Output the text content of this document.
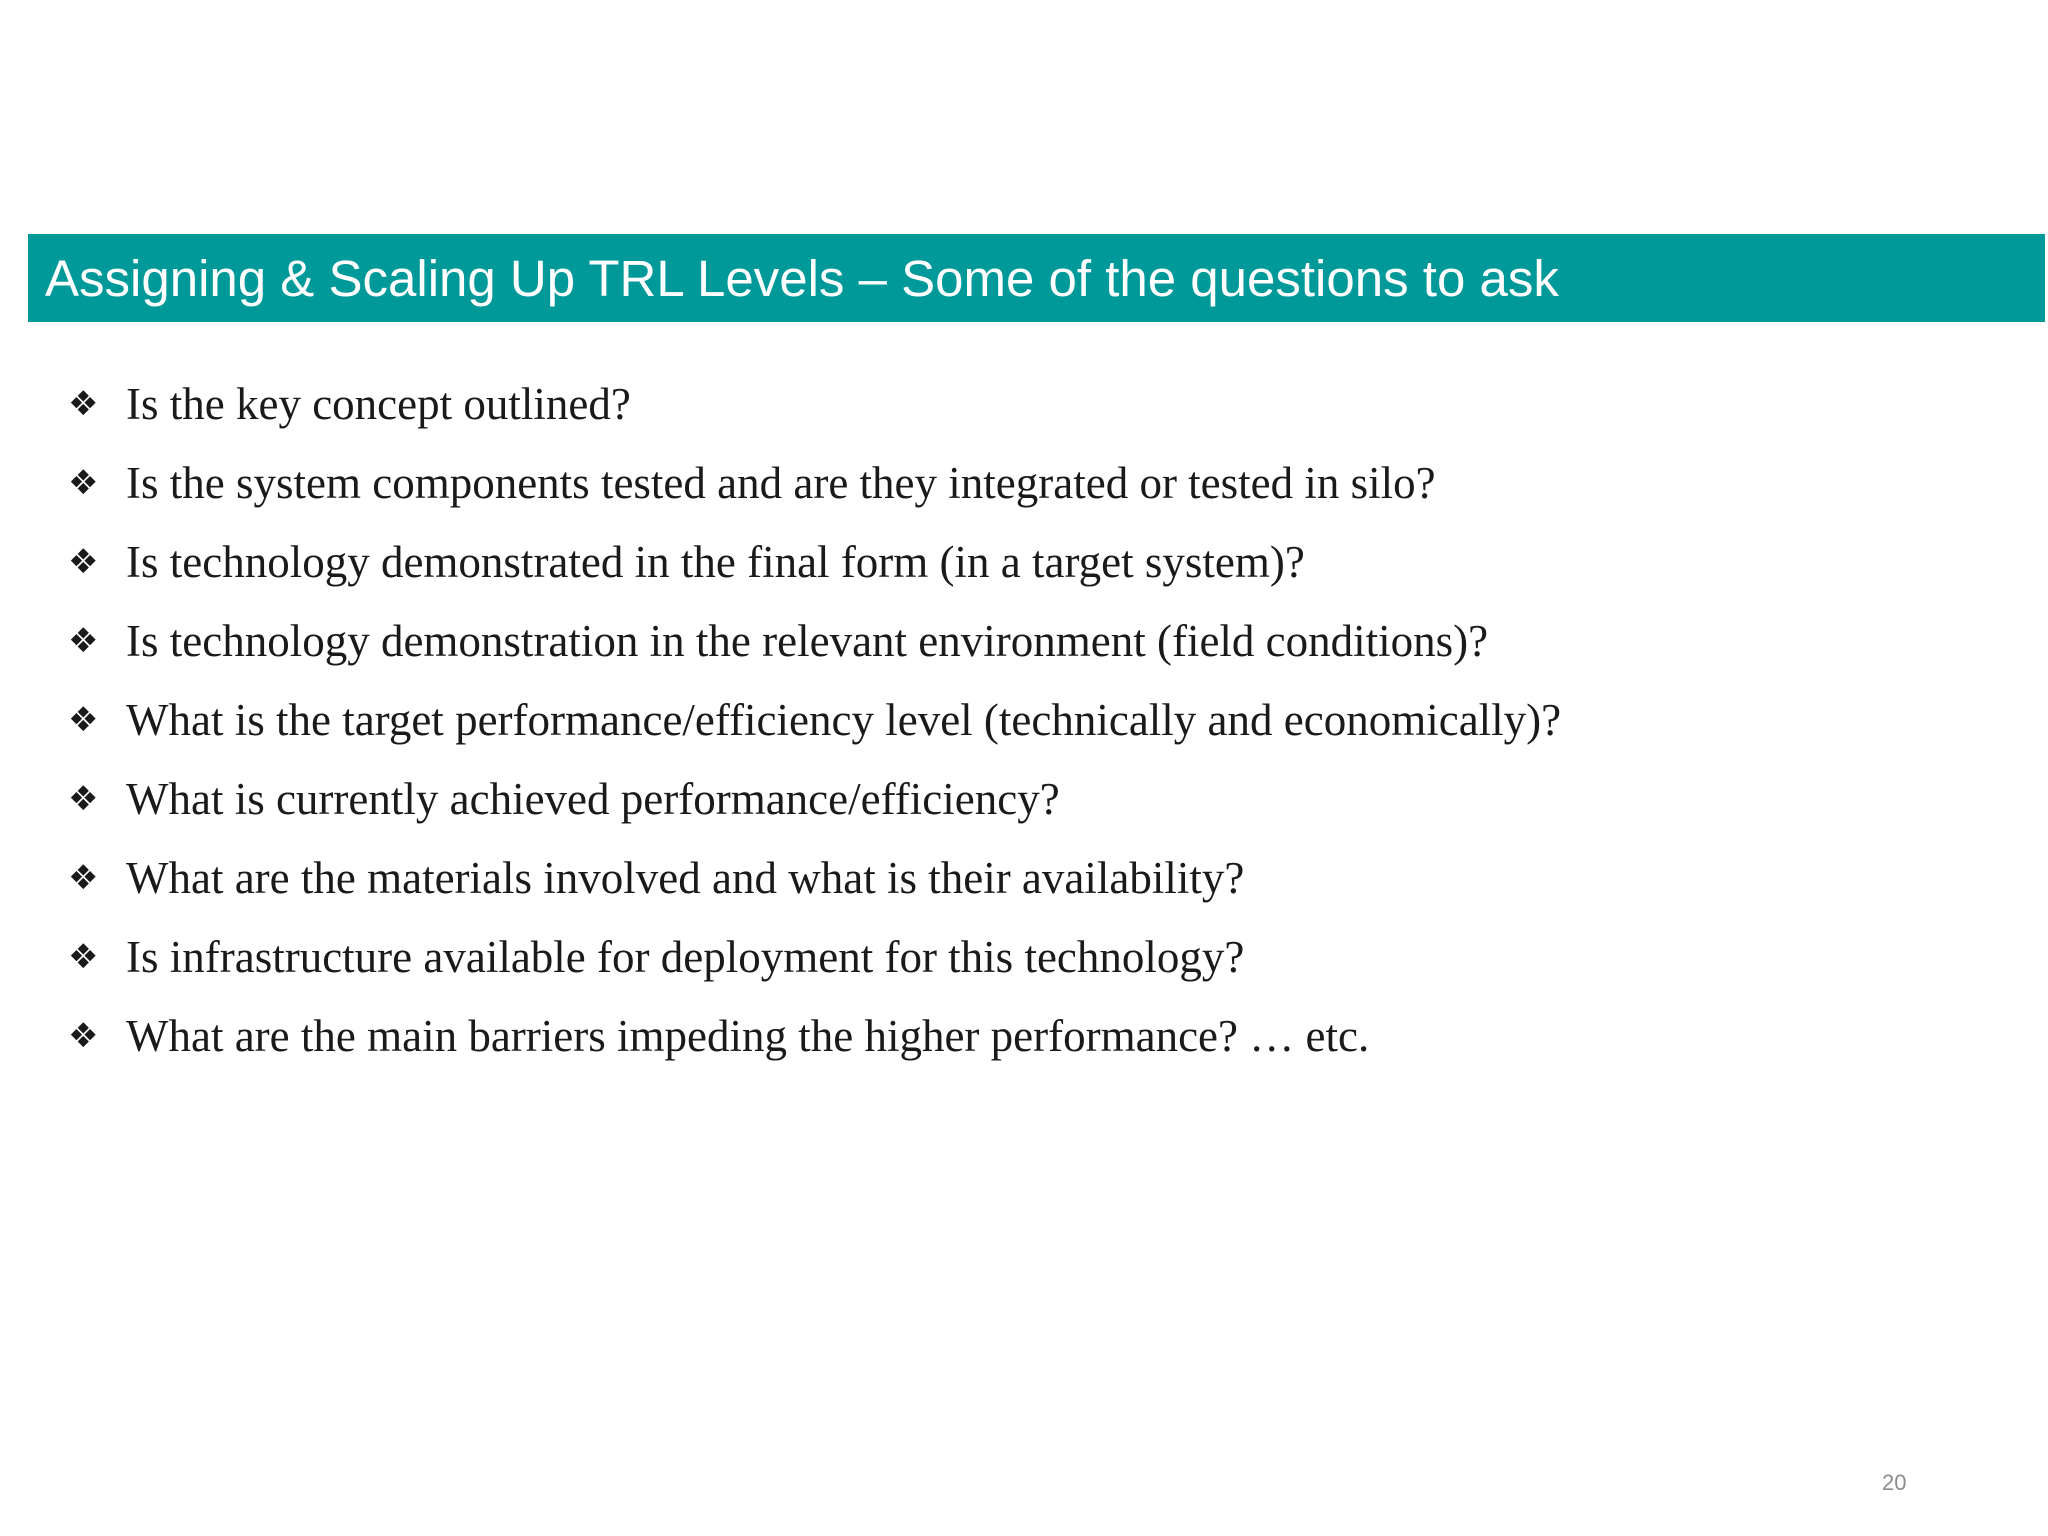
Assigning & Scaling Up TRL Levels – Some of the questions to ask
❖ Is the key concept outlined?
❖ Is the system components tested and are they integrated or tested in silo?
❖ Is technology demonstrated in the final form (in a target system)?
❖ Is technology demonstration in the relevant environment (field conditions)?
❖ What is the target performance/efficiency level (technically and economically)?
❖ What is currently achieved performance/efficiency?
❖ What are the materials involved and what is their availability?
❖ Is infrastructure available for deployment for this technology?
❖ What are the main barriers impeding the higher performance? … etc.
20
